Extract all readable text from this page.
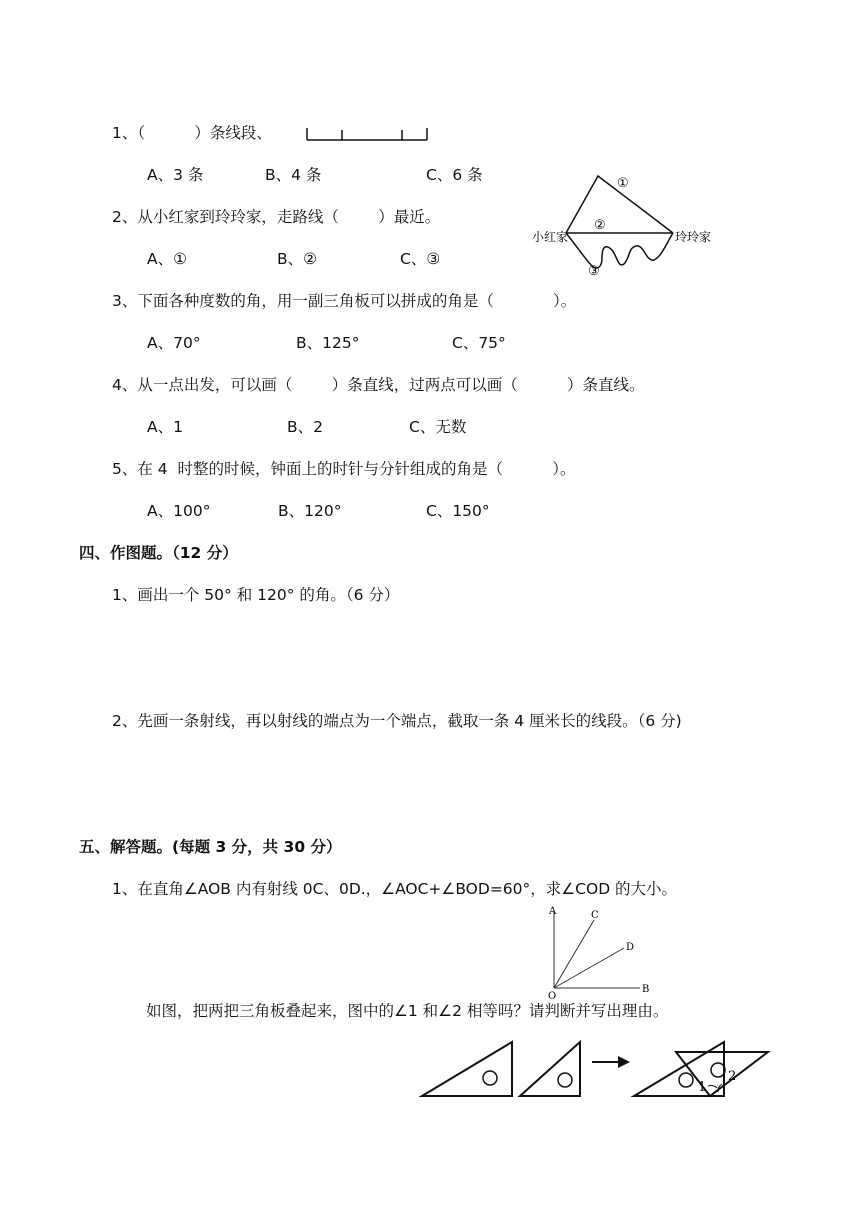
1、（          ）条线段、
A、3 条	B、4 条	C、6 条
2、从小红家到玲玲家，走路线（        ）最近。
小红家	玲玲家
①
②
③
A、①	B、②	C、③
3、下面各种度数的角，用一副三角板可以拼成的角是（            ）。
A、70°	B、125°	C、75°
4、从一点出发，可以画（        ）条直线，过两点可以画（          ）条直线。
A、1	B、2	C、无数
5、在 4  时整的时候，钟面上的时针与分针组成的角是（          ）。
A、100°	B、120°	C、150°
四、作图题。（12 分）
1、画出一个 50° 和 120° 的角。（6 分）
2、先画一条射线，再以射线的端点为一个端点，截取一条 4 厘米长的线段。（6 分)
五、解答题。(每题 3 分，共 30 分）
1、在直角∠AOB 内有射线 0C、0D.，∠AOC+∠BOD=60°，求∠COD 的大小。
A
B
C
D
O
如图，把两把三角板叠起来，图中的∠1 和∠2 相等吗？请判断并写出理由。
1
2
